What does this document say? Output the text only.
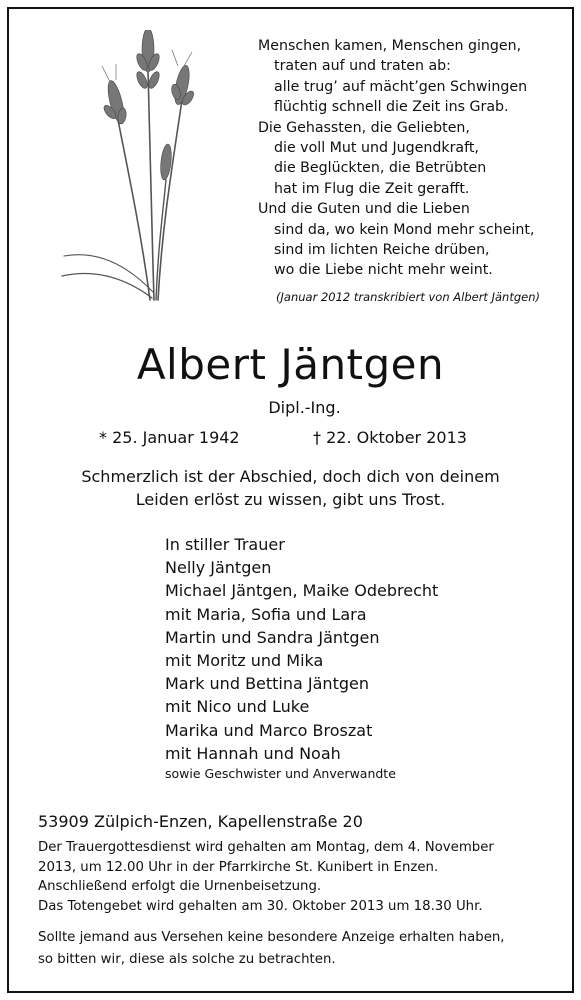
Menschen kamen, Menschen gingen,
traten auf und traten ab:
alle trug’ auf mächt’gen Schwingen
flüchtig schnell die Zeit ins Grab.
Die Gehassten, die Geliebten,
die voll Mut und Jugendkraft,
die Beglückten, die Betrübten
hat im Flug die Zeit gerafft.
Und die Guten und die Lieben
sind da, wo kein Mond mehr scheint,
sind im lichten Reiche drüben,
wo die Liebe nicht mehr weint.
(Januar 2012 transkribiert von Albert Jäntgen)
Albert Jäntgen
Dipl.-Ing.
* 25. Januar 1942	† 22. Oktober 2013
Schmerzlich ist der Abschied, doch dich von deinem
Leiden erlöst zu wissen, gibt uns Trost.
In stiller Trauer
Nelly Jäntgen
Michael Jäntgen, Maike Odebrecht
mit Maria, Sofia und Lara
Martin und Sandra Jäntgen
mit Moritz und Mika
Mark und Bettina Jäntgen
mit Nico und Luke
Marika und Marco Broszat
mit Hannah und Noah
sowie Geschwister und Anverwandte
53909 Zülpich-Enzen, Kapellenstraße 20
Der Trauergottesdienst wird gehalten am Montag, dem 4. November
2013, um 12.00 Uhr in der Pfarrkirche St. Kunibert in Enzen.
Anschließend erfolgt die Urnenbeisetzung.
Das Totengebet wird gehalten am 30. Oktober 2013 um 18.30 Uhr.
Sollte jemand aus Versehen keine besondere Anzeige erhalten haben,
so bitten wir, diese als solche zu betrachten.
